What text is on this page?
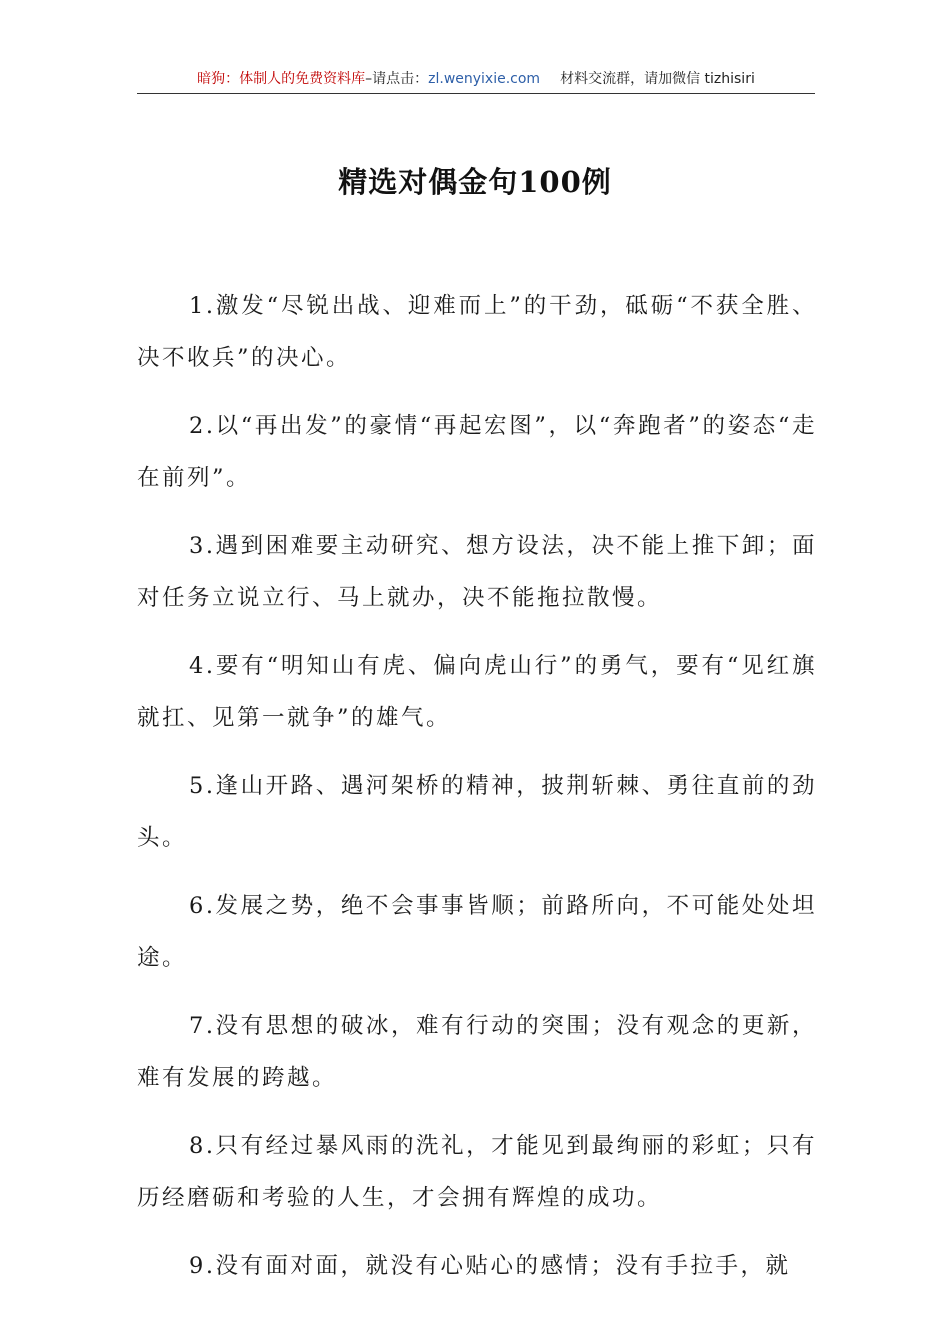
暗狗：体制人的免费资料库–请点击：zl.wenyixie.com 材料交流群，请加微信 tizhisiri
精选对偶金句100例

1.激发“尽锐出战、迎难而上”的干劲，砥砺“不获全胜、决不收兵”的决心。

2.以“再出发”的豪情“再起宏图”，以“奔跑者”的姿态“走在前列”。

3.遇到困难要主动研究、想方设法，决不能上推下卸；面对任务立说立行、马上就办，决不能拖拉散慢。

4.要有“明知山有虎、偏向虎山行”的勇气，要有“见红旗就扛、见第一就争”的雄气。

5.逢山开路、遇河架桥的精神，披荆斩棘、勇往直前的劲头。

6.发展之势，绝不会事事皆顺；前路所向，不可能处处坦途。

7.没有思想的破冰，难有行动的突围；没有观念的更新，难有发展的跨越。

8.只有经过暴风雨的洗礼，才能见到最绚丽的彩虹；只有历经磨砺和考验的人生，才会拥有辉煌的成功。

9.没有面对面，就没有心贴心的感情；没有手拉手，就
